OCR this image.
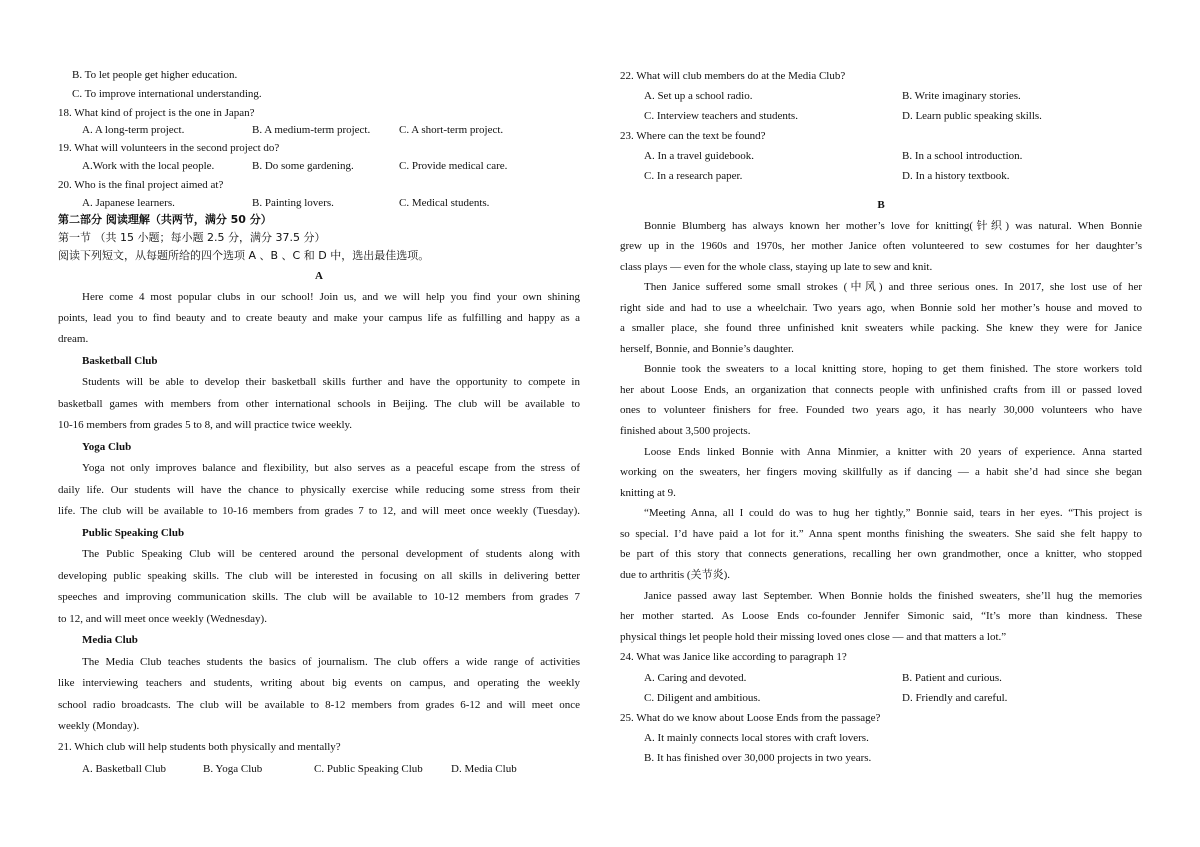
B. To let people get higher education.
C. To improve international understanding.
18. What kind of project is the one in Japan?
A. A long-term project.	B. A medium-term project.	C. A short-term project.
19. What will volunteers in the second project do?
A.Work with the local people.	B. Do some gardening.	C. Provide medical care.
20. Who is the final project aimed at?
A. Japanese learners.	B. Painting lovers.	C. Medical students.
第二部分 阅读理解（共两节，满分 50 分）
第一节 （共 15 小题；每小题 2.5 分，满分 37.5 分）
阅读下列短文，从每题所给的四个选项 A 、B 、C 和 D 中，选出最佳选项。
A
Here come 4 most popular clubs in our school! Join us, and we will help you find your own shining
points, lead you to find beauty and to create beauty and make your campus life as fulfilling and happy as a
dream.
Basketball Club
Students will be able to develop their basketball skills further and have the opportunity to compete in
basketball games with members from other international schools in Beijing. The club will be available to
10-16 members from grades 5 to 8, and will practice twice weekly.
Yoga Club
Yoga not only improves balance and flexibility, but also serves as a peaceful escape from the stress of
daily life. Our students will have the chance to physically exercise while reducing some stress from their
life. The club will be available to 10-16 members from grades 7 to 12, and will meet once weekly (Tuesday).
Public Speaking Club
The Public Speaking Club will be centered around the personal development of students along with
developing public speaking skills. The club will be interested in focusing on all skills in delivering better
speeches and improving communication skills. The club will be available to 10-12 members from grades 7
to 12, and will meet once weekly (Wednesday).
Media Club
The Media Club teaches students the basics of journalism. The club offers a wide range of activities
like interviewing teachers and students, writing about big events on campus, and operating the weekly
school radio broadcasts. The club will be available to 8-12 members from grades 6-12 and will meet once
weekly (Monday).
21. Which club will help students both physically and mentally?
A. Basketball Club	B. Yoga Club	C. Public Speaking Club	D. Media Club
22. What will club members do at the Media Club?
A. Set up a school radio.	B. Write imaginary stories.
C. Interview teachers and students.	D. Learn public speaking skills.
23. Where can the text be found?
A. In a travel guidebook.	B. In a school introduction.
C. In a research paper.	D. In a history textbook.
B
Bonnie Blumberg has always known her mother’s love for knitting(针织) was natural. When Bonnie
grew up in the 1960s and 1970s, her mother Janice often volunteered to sew costumes for her daughter’s
class plays — even for the whole class, staying up late to sew and knit.
Then Janice suffered some small strokes (中风) and three serious ones. In 2017, she lost use of her
right side and had to use a wheelchair. Two years ago, when Bonnie sold her mother’s house and moved to
a smaller place, she found three unfinished knit sweaters while packing. She knew they were for Janice
herself, Bonnie, and Bonnie’s daughter.
Bonnie took the sweaters to a local knitting store, hoping to get them finished. The store workers told
her about Loose Ends, an organization that connects people with unfinished crafts from ill or passed loved
ones to volunteer finishers for free. Founded two years ago, it has nearly 30,000 volunteers who have
finished about 3,500 projects.
Loose Ends linked Bonnie with Anna Minmier, a knitter with 20 years of experience. Anna started
working on the sweaters, her fingers moving skillfully as if dancing — a habit she’d had since she began
knitting at 9.
“Meeting Anna, all I could do was to hug her tightly,” Bonnie said, tears in her eyes. “This project is
so special. I’d have paid a lot for it.” Anna spent months finishing the sweaters. She said she felt happy to
be part of this story that connects generations, recalling her own grandmother, once a knitter, who stopped
due to arthritis (关节炎).
Janice passed away last September. When Bonnie holds the finished sweaters, she’ll hug the memories
her mother started. As Loose Ends co-founder Jennifer Simonic said, “It’s more than kindness. These
physical things let people hold their missing loved ones close — and that matters a lot.”
24. What was Janice like according to paragraph 1?
A. Caring and devoted.	B. Patient and curious.
C. Diligent and ambitious.	D. Friendly and careful.
25. What do we know about Loose Ends from the passage?
A. It mainly connects local stores with craft lovers.
B. It has finished over 30,000 projects in two years.
